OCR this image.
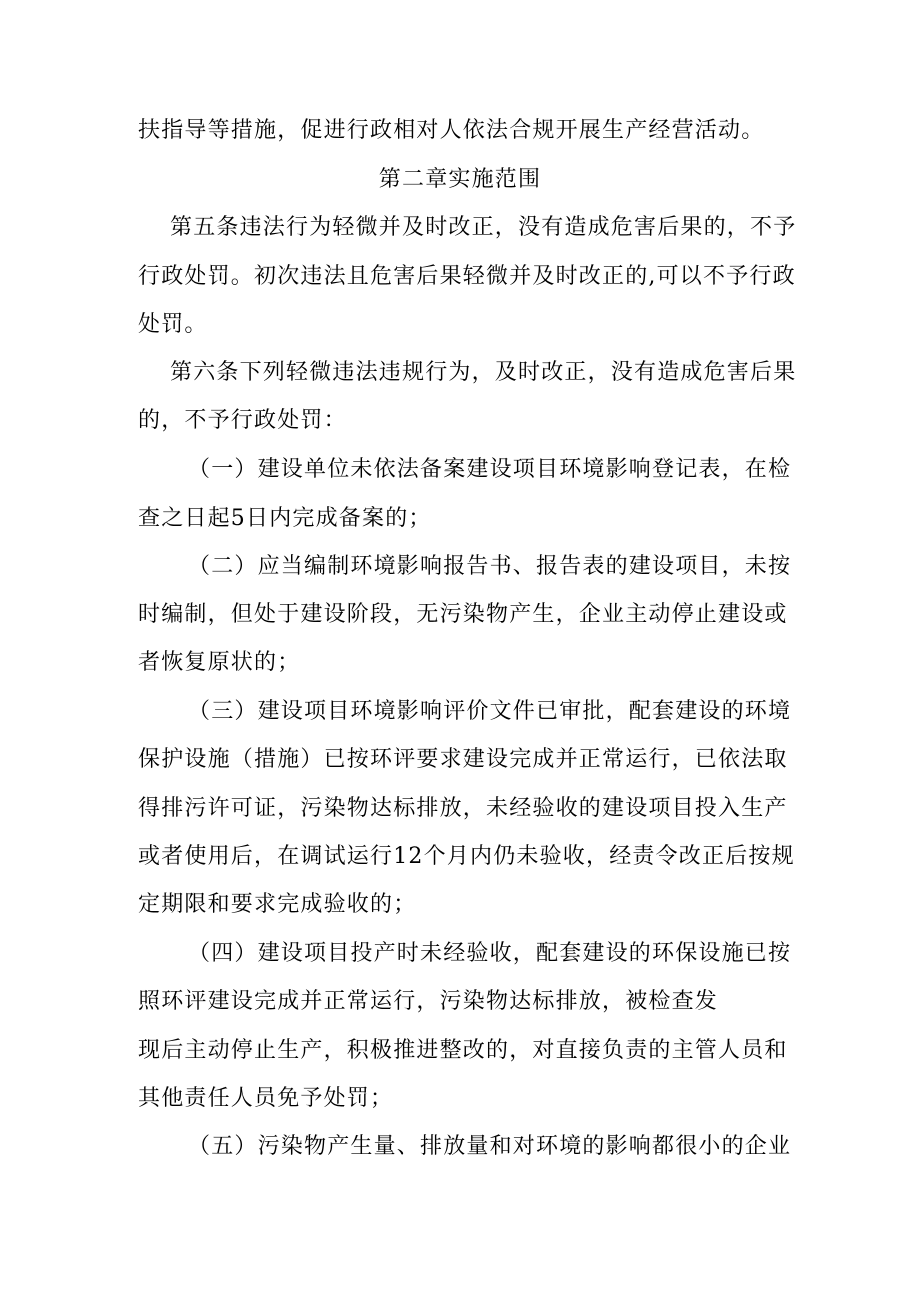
扶指导等措施，促进行政相对人依法合规开展生产经营活动。
第二章实施范围
第五条违法行为轻微并及时改正，没有造成危害后果的，不予
行政处罚。初次违法且危害后果轻微并及时改正的,可以不予行政
处罚。
第六条下列轻微违法违规行为，及时改正，没有造成危害后果
的，不予行政处罚：
（一）建设单位未依法备案建设项目环境影响登记表，在检
查之日起5日内完成备案的；
（二）应当编制环境影响报告书、报告表的建设项目，未按
时编制，但处于建设阶段，无污染物产生，企业主动停止建设或
者恢复原状的；
（三）建设项目环境影响评价文件已审批，配套建设的环境
保护设施（措施）已按环评要求建设完成并正常运行，已依法取
得排污许可证，污染物达标排放，未经验收的建设项目投入生产
或者使用后，在调试运行12个月内仍未验收，经责令改正后按规
定期限和要求完成验收的；
（四）建设项目投产时未经验收，配套建设的环保设施已按
照环评建设完成并正常运行，污染物达标排放，被检查发
现后主动停止生产，积极推进整改的，对直接负责的主管人员和
其他责任人员免予处罚；
（五）污染物产生量、排放量和对环境的影响都很小的企业
